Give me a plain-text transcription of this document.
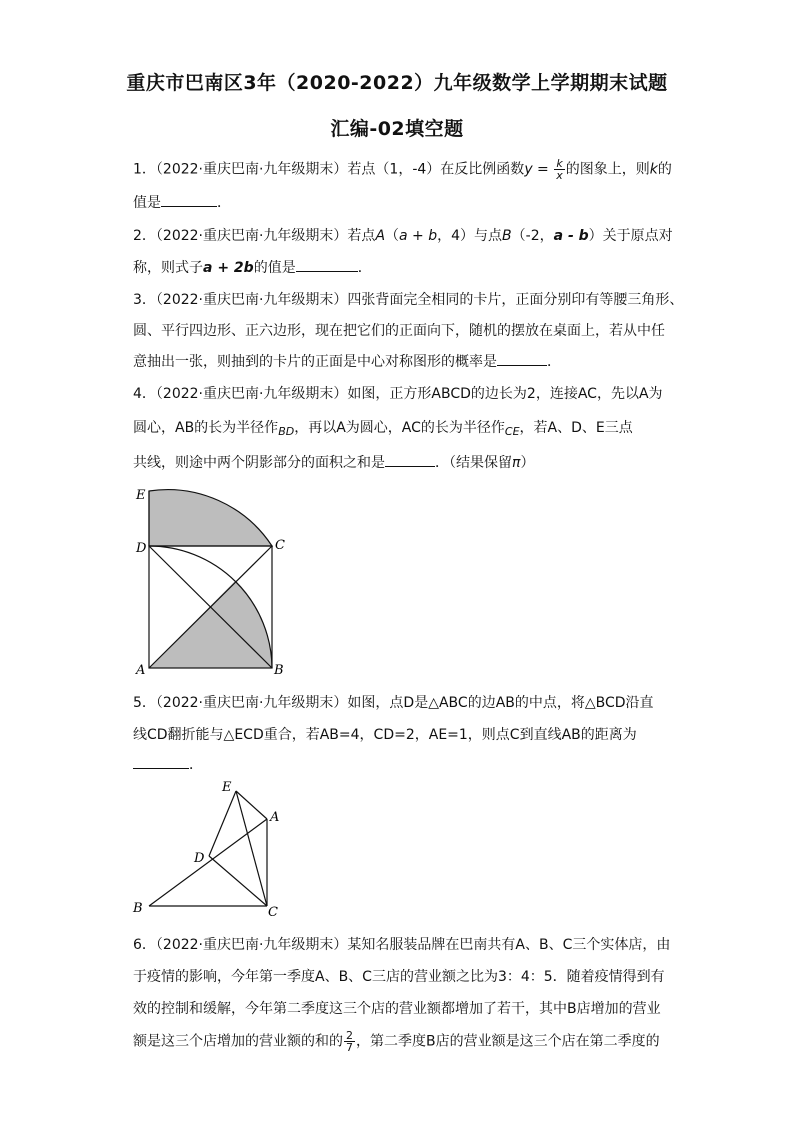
重庆市巴南区3年（2020-2022）九年级数学上学期期末试题
汇编-02填空题
1．（2022·重庆巴南·九年级期末）若点（1，-4）在反比例函数$y = \frac{k}{x}$ 的图象上，则k的
值是	．
2．（2022·重庆巴南·九年级期末）若点A（a + b，4）与点B（-2，a - b）关于原点对
称，则式子a + 2b的值是	．
3．（2022·重庆巴南·九年级期末）四张背面完全相同的卡片，正面分别印有等腰三角形、
圆、平行四边形、正六边形，现在把它们的正面向下，随机的摆放在桌面上，若从中任
意抽出一张，则抽到的卡片的正面是中心对称图形的概率是	．
4．（2022·重庆巴南·九年级期末）如图，正方形ABCD的边长为2，连接AC，先以A为
圆心，AB的长为半径作$_{BD}$，再以A为圆心，AC的长为半径作$_{CE}$，若A、D、E三点
共线，则途中两个阴影部分的面积之和是	．（结果保留π）
E
D	C
A	B
5．（2022·重庆巴南·九年级期末）如图，点D是△ABC的边AB的中点，将△BCD沿直
线CD翻折能与△ECD重合，若AB=4，CD=2，AE=1，则点C到直线AB的距离为
．
E
A
D
B	C
6．（2022·重庆巴南·九年级期末）某知名服装品牌在巴南共有A、B、C三个实体店，由
于疫情的影响，今年第一季度A、B、C三店的营业额之比为3：4：5．随着疫情得到有
效的控制和缓解，今年第二季度这三个店的营业额都增加了若干，其中B店增加的营业
额是这三个店增加的营业额的和的 $\frac{2}{7}$ ，第二季度B店的营业额是这三个店在第二季度的
